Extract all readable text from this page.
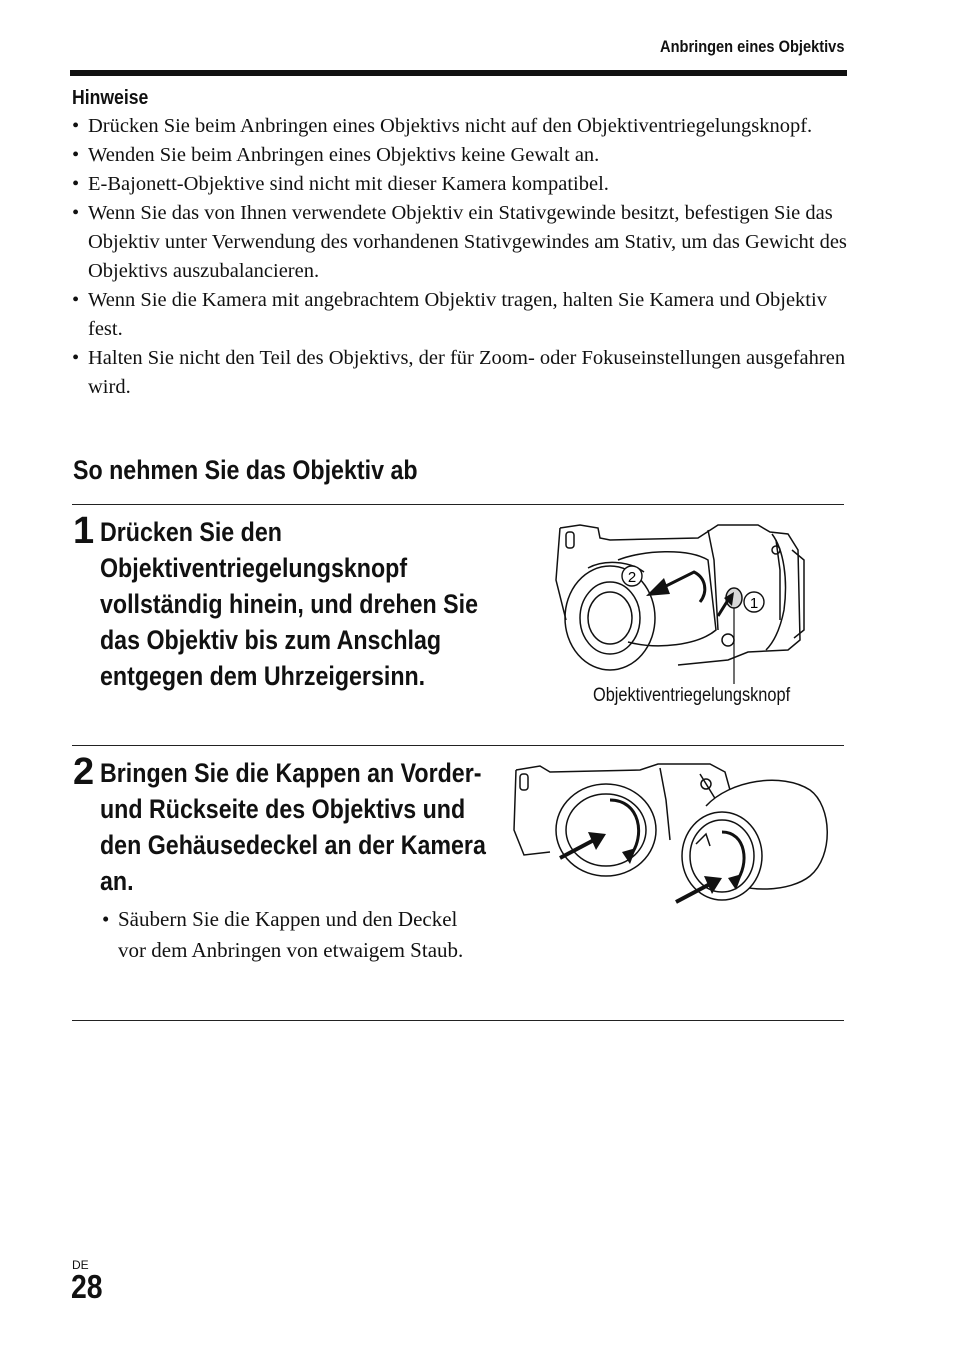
Anbringen eines Objektivs
Hinweise
• Drücken Sie beim Anbringen eines Objektivs nicht auf den Objektiventriegelungsknopf.
• Wenden Sie beim Anbringen eines Objektivs keine Gewalt an.
• E-Bajonett-Objektive sind nicht mit dieser Kamera kompatibel.
• Wenn Sie das von Ihnen verwendete Objektiv ein Stativgewinde besitzt, befestigen Sie das Objektiv unter Verwendung des vorhandenen Stativgewindes am Stativ, um das Gewicht des Objektivs auszubalancieren.
• Wenn Sie die Kamera mit angebrachtem Objektiv tragen, halten Sie Kamera und Objektiv fest.
• Halten Sie nicht den Teil des Objektivs, der für Zoom- oder Fokuseinstellungen ausgefahren wird.
So nehmen Sie das Objektiv ab
1 Drücken Sie den Objektiventriegelungsknopf vollständig hinein, und drehen Sie das Objektiv bis zum Anschlag entgegen dem Uhrzeigersinn.
2
1
Objektiventriegelungsknopf
2 Bringen Sie die Kappen an Vorder- und Rückseite des Objektivs und den Gehäusedeckel an der Kamera an.
• Säubern Sie die Kappen und den Deckel vor dem Anbringen von etwaigem Staub.
DE
28
